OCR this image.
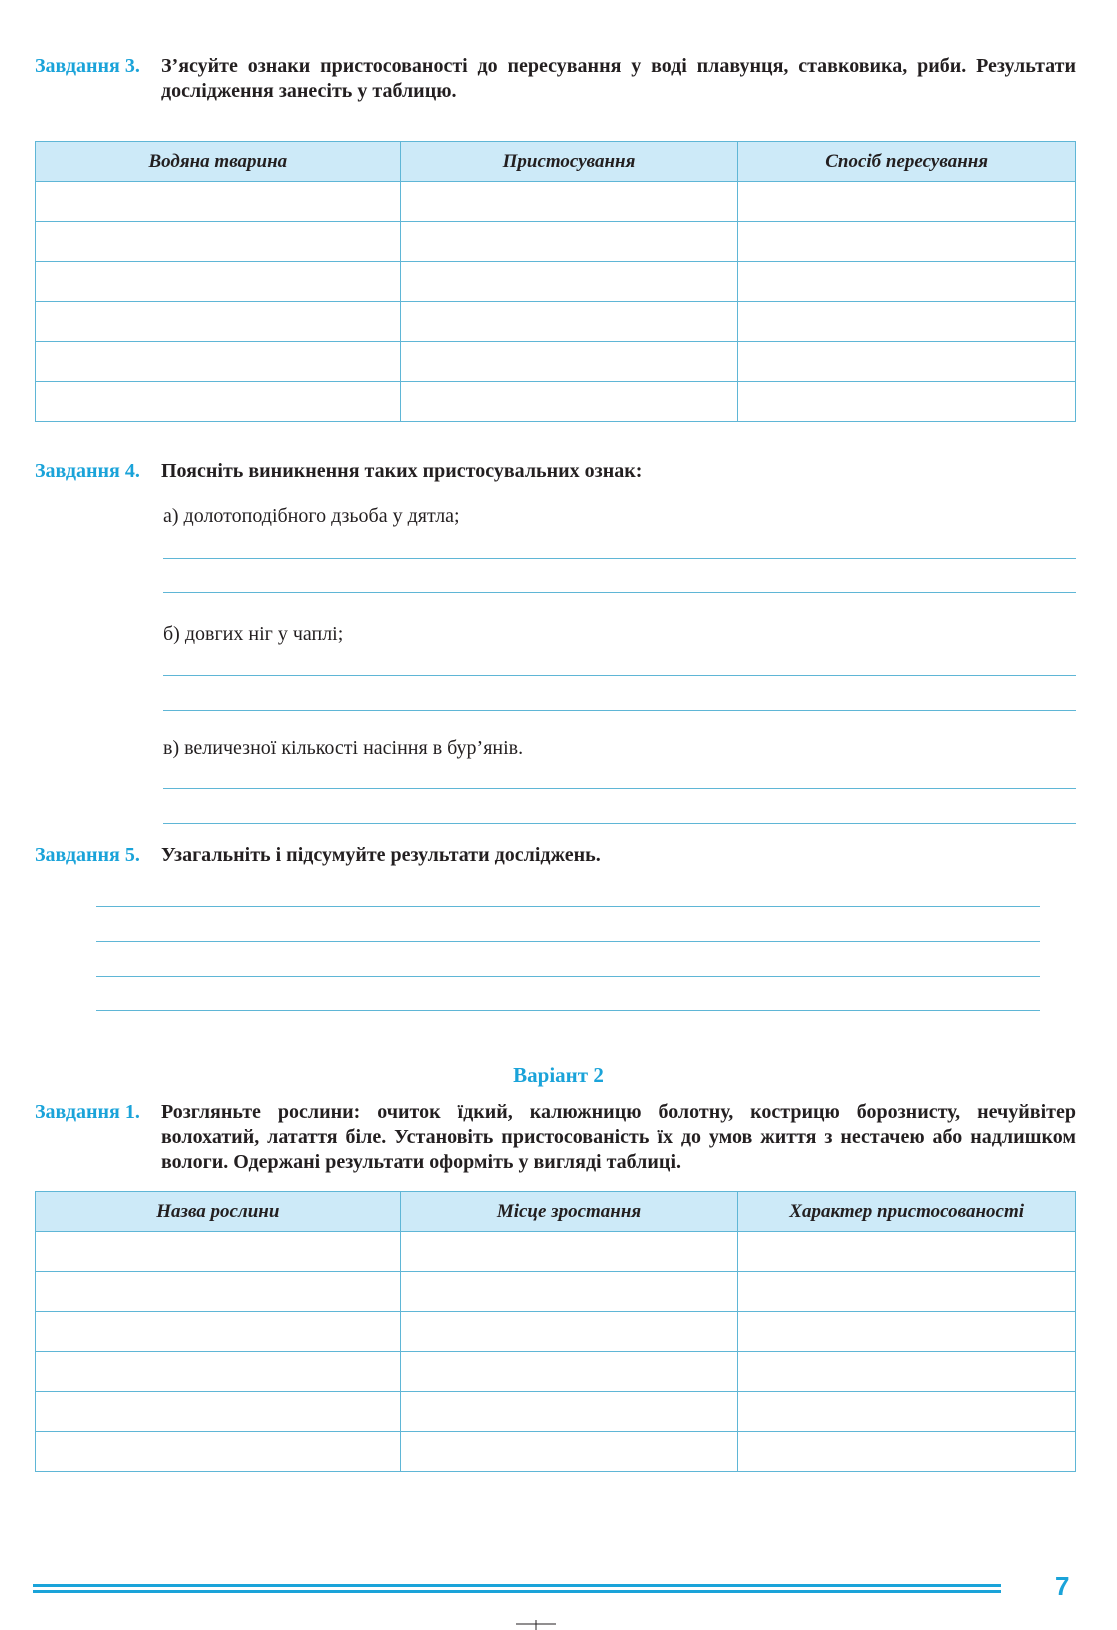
Завдання 3.	З’ясуйте ознаки пристосованості до пересування у воді плавунця, ставковика, риби. Результати дослідження занесіть у таблицю.
Водяна тварина	Пристосування	Спосіб пересування

Завдання 4.	Поясніть виникнення таких пристосувальних ознак:
а) долотоподібного дзьоба у дятла;
б) довгих ніг у чаплі;
в) величезної кількості насіння в бур’янів.
Завдання 5.	Узагальніть і підсумуйте результати досліджень.
Варіант 2
Завдання 1.	Розгляньте рослини: очиток їдкий, калюжницю болотну, кострицю борознисту, нечуйвітер волохатий, латаття біле. Установіть пристосованість їх до умов життя з нестачею або надлишком вологи. Одержані результати оформіть у вигляді таблиці.
Назва рослини	Місце зростання	Характер пристосованості

7
